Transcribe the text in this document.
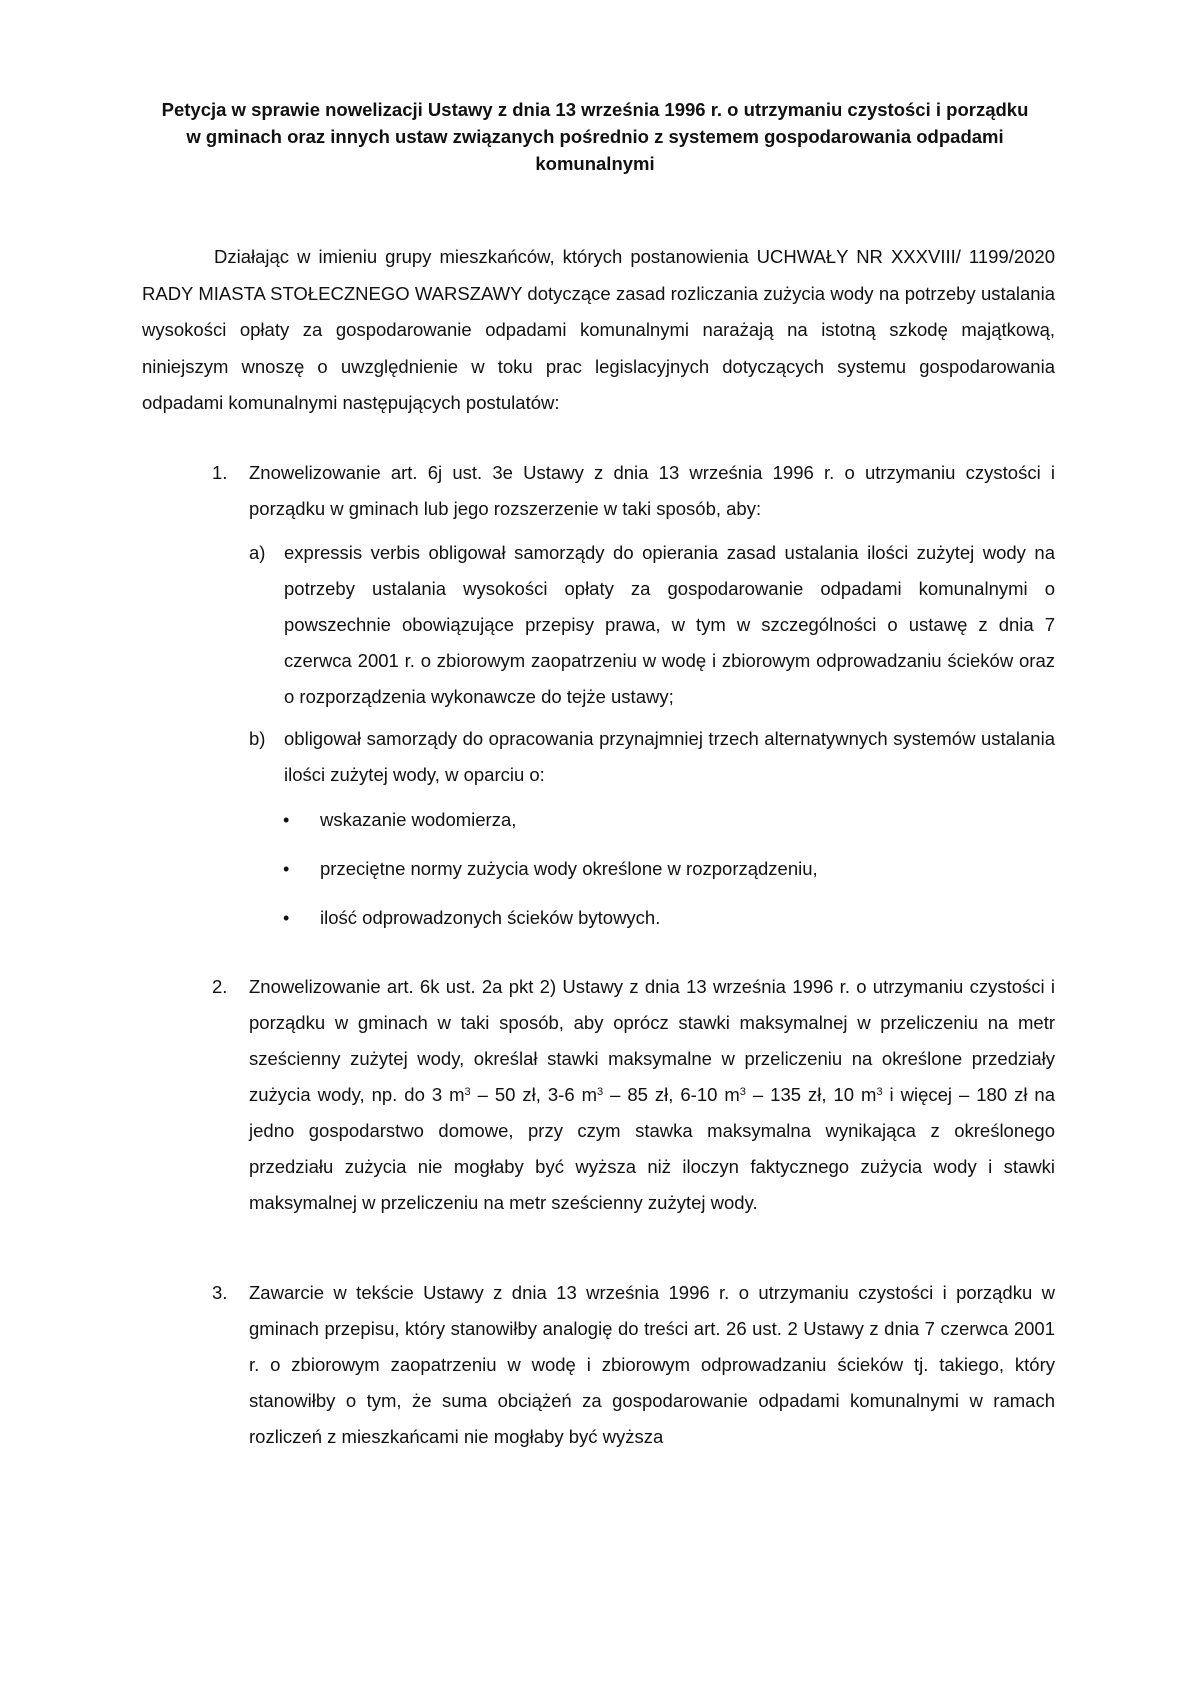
Petycja w sprawie nowelizacji Ustawy z dnia 13 września 1996 r. o utrzymaniu czystości i porządku
w gminach oraz innych ustaw związanych pośrednio z systemem gospodarowania odpadami
komunalnymi

Działając w imieniu grupy mieszkańców, których postanowienia UCHWAŁY NR XXXVIII/ 1199/2020 RADY MIASTA STOŁECZNEGO WARSZAWY dotyczące zasad rozliczania zużycia wody na potrzeby ustalania wysokości opłaty za gospodarowanie odpadami komunalnymi narażają na istotną szkodę majątkową, niniejszym wnoszę o uwzględnienie w toku prac legislacyjnych dotyczących systemu gospodarowania odpadami komunalnymi następujących postulatów:

1.	Znowelizowanie art. 6j ust. 3e Ustawy z dnia 13 września 1996 r. o utrzymaniu czystości i porządku w gminach lub jego rozszerzenie w taki sposób, aby:

a)	expressis verbis obligował samorządy do opierania zasad ustalania ilości zużytej wody na potrzeby ustalania wysokości opłaty za gospodarowanie odpadami komunalnymi o powszechnie obowiązujące przepisy prawa, w tym w szczególności o ustawę z dnia 7 czerwca 2001 r. o zbiorowym zaopatrzeniu w wodę i zbiorowym odprowadzaniu ścieków oraz o rozporządzenia wykonawcze do tejże ustawy;

b)	obligował samorządy do opracowania przynajmniej trzech alternatywnych systemów ustalania ilości zużytej wody, w oparciu o:

•	wskazanie wodomierza,

•	przeciętne normy zużycia wody określone w rozporządzeniu,

•	ilość odprowadzonych ścieków bytowych.

2.	Znowelizowanie art. 6k ust. 2a pkt 2) Ustawy z dnia 13 września 1996 r. o utrzymaniu czystości i porządku w gminach w taki sposób, aby oprócz stawki maksymalnej w przeliczeniu na metr sześcienny zużytej wody, określał stawki maksymalne w przeliczeniu na określone przedziały zużycia wody, np. do 3 $m^3 - 50$ zł, 3-6 $m^3 - 85$ zł, 6-10 $m^3 - 135$ zł, 10 $m^3$ i więcej – 180 zł na jedno gospodarstwo domowe, przy czym stawka maksymalna wynikająca z określonego przedziału zużycia nie mogłaby być wyższa niż iloczyn faktycznego zużycia wody i stawki maksymalnej w przeliczeniu na metr sześcienny zużytej wody.

3.	Zawarcie w tekście Ustawy z dnia 13 września 1996 r. o utrzymaniu czystości i porządku w gminach przepisu, który stanowiłby analogię do treści art. 26 ust. 2 Ustawy z dnia 7 czerwca 2001 r. o zbiorowym zaopatrzeniu w wodę i zbiorowym odprowadzaniu ścieków tj. takiego, który stanowiłby o tym, że suma obciążeń za gospodarowanie odpadami komunalnymi w ramach rozliczeń z mieszkańcami nie mogłaby być wyższa
